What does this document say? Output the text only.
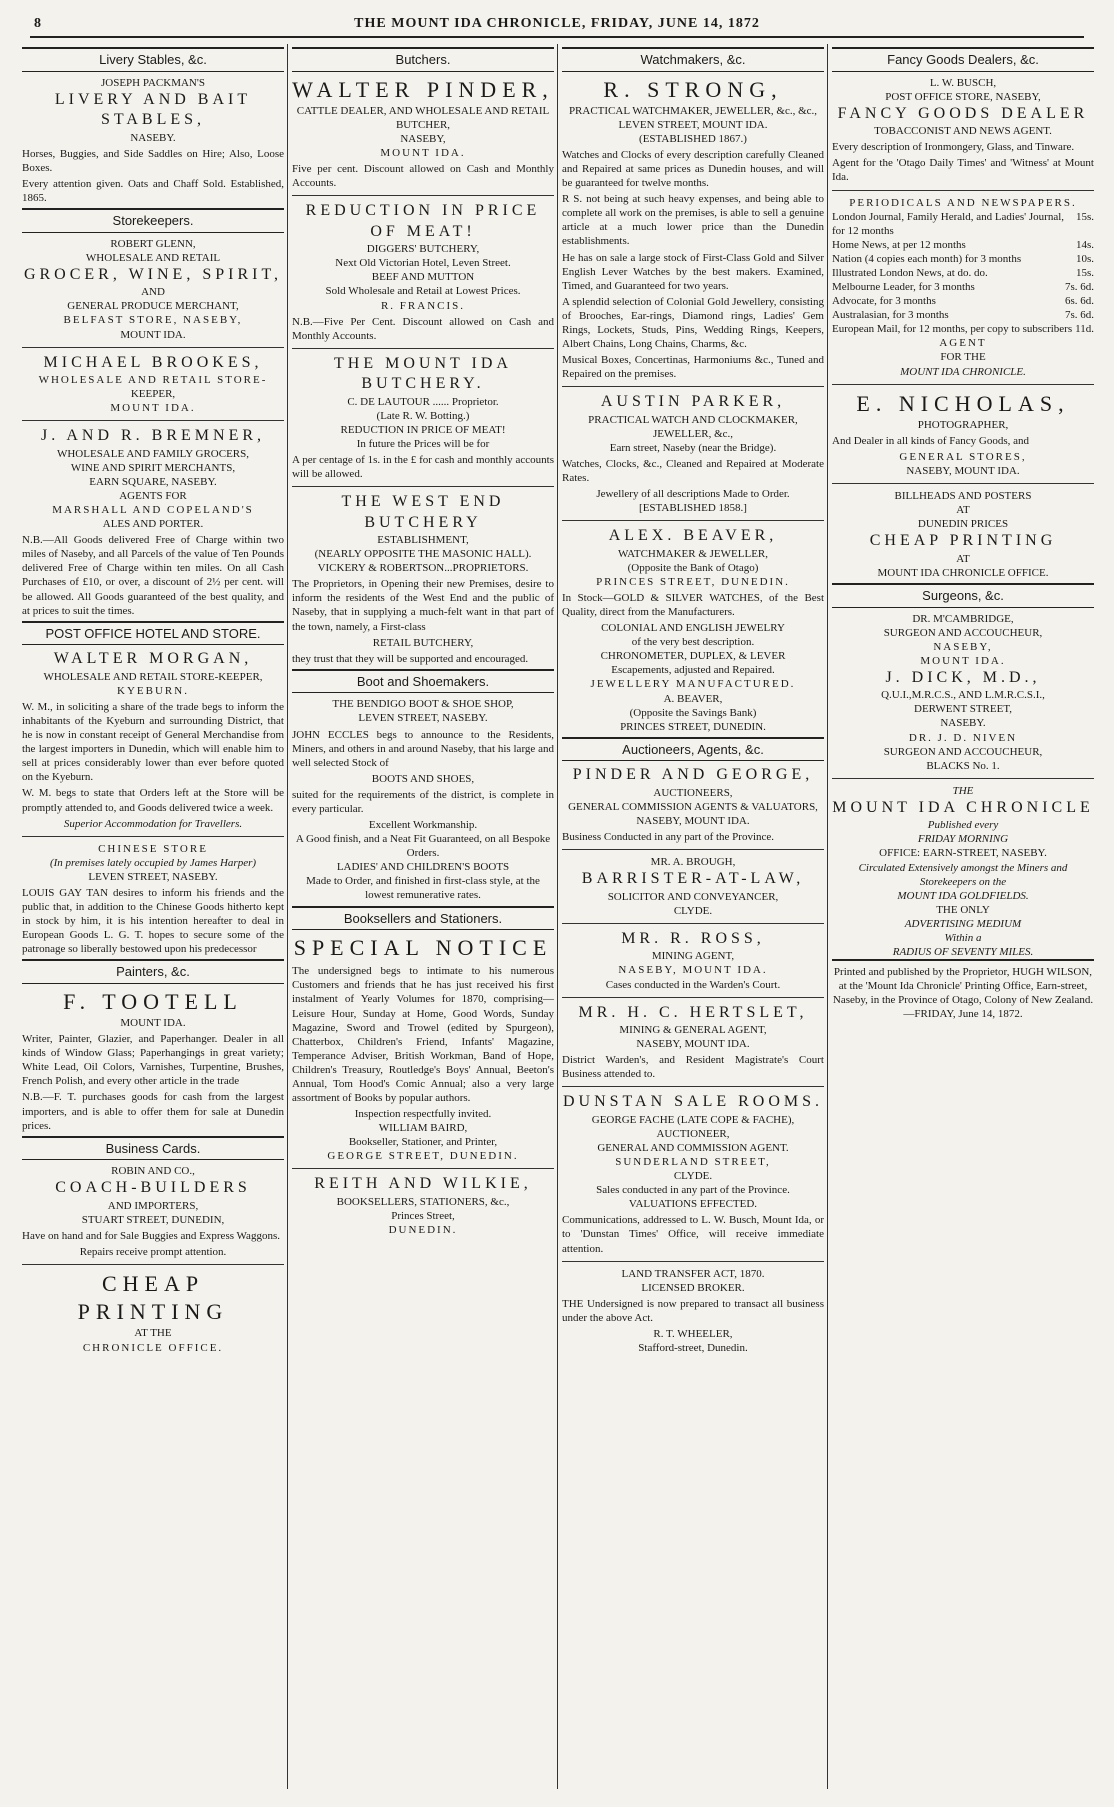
8	THE MOUNT IDA CHRONICLE, FRIDAY, JUNE 14, 1872
Livery Stables, &c.
JOSEPH PACKMAN'S
LIVERY AND BAIT STABLES,
NASEBY.

Horses, Buggies, and Side Saddles on Hire; Also, Loose Boxes.

Every attention given. Oats and Chaff Sold. Established, 1865.

Storekeepers.
ROBERT GLENN,
WHOLESALE AND RETAIL
GROCER, WINE, SPIRIT,
AND
GENERAL PRODUCE MERCHANT,
BELFAST STORE, NASEBY,
MOUNT IDA.
MICHAEL BROOKES,
WHOLESALE AND RETAIL STORE-
KEEPER,
MOUNT IDA.
J. AND R. BREMNER,
WHOLESALE AND FAMILY GROCERS,
WINE AND SPIRIT MERCHANTS,
EARN SQUARE, NASEBY.
AGENTS FOR
MARSHALL AND COPELAND'S
ALES AND PORTER.

N.B.—All Goods delivered Free of Charge within two miles of Naseby, and all Parcels of the value of Ten Pounds delivered Free of Charge within ten miles. On all Cash Purchases of £10, or over, a discount of 2½ per cent. will be allowed. All Goods guaranteed of the best quality, and at prices to suit the times.

POST OFFICE HOTEL AND STORE.
WALTER MORGAN,
WHOLESALE AND RETAIL STORE-KEEPER,
KYEBURN.

W. M., in soliciting a share of the trade begs to inform the inhabitants of the Kyeburn and surrounding District, that he is now in constant receipt of General Merchandise from the largest importers in Dunedin, which will enable him to sell at prices considerably lower than ever before quoted on the Kyeburn.

W. M. begs to state that Orders left at the Store will be promptly attended to, and Goods delivered twice a week.

Superior Accommodation for Travellers.
CHINESE STORE
(In premises lately occupied by James Harper)
LEVEN STREET, NASEBY.

LOUIS GAY TAN desires to inform his friends and the public that, in addition to the Chinese Goods hitherto kept in stock by him, it is his intention hereafter to deal in European Goods L. G. T. hopes to secure some of the patronage so liberally bestowed upon his predecessor

Painters, &c.
F. TOOTELL
MOUNT IDA.

Writer, Painter, Glazier, and Paperhanger. Dealer in all kinds of Window Glass; Paperhangings in great variety; White Lead, Oil Colors, Varnishes, Turpentine, Brushes, French Polish, and every other article in the trade

N.B.—F. T. purchases goods for cash from the largest importers, and is able to offer them for sale at Dunedin prices.

Business Cards.
ROBIN AND CO.,
COACH-BUILDERS
AND IMPORTERS,
STUART STREET, DUNEDIN,

Have on hand and for Sale Buggies and Express Waggons.

Repairs receive prompt attention.
CHEAP PRINTING
AT THE
CHRONICLE OFFICE.
Butchers.
WALTER PINDER,
CATTLE DEALER, AND WHOLESALE AND RETAIL BUTCHER,
NASEBY,
MOUNT IDA.

Five per cent. Discount allowed on Cash and Monthly Accounts.

REDUCTION IN PRICE OF MEAT!
DIGGERS' BUTCHERY,
Next Old Victorian Hotel, Leven Street.
BEEF AND MUTTON
Sold Wholesale and Retail at Lowest Prices.
R. FRANCIS.

N.B.—Five Per Cent. Discount allowed on Cash and Monthly Accounts.

THE MOUNT IDA BUTCHERY.
C. DE LAUTOUR ...... Proprietor.
(Late R. W. Botting.)
REDUCTION IN PRICE OF MEAT!
In future the Prices will be for

A per centage of 1s. in the £ for cash and monthly accounts will be allowed.

THE WEST END BUTCHERY
ESTABLISHMENT,
(NEARLY OPPOSITE THE MASONIC HALL).
VICKERY & ROBERTSON...PROPRIETORS.

The Proprietors, in Opening their new Premises, desire to inform the residents of the West End and the public of Naseby, that in supplying a much-felt want in that part of the town, namely, a First-class

RETAIL BUTCHERY,

they trust that they will be supported and encouraged.

Boot and Shoemakers.
THE BENDIGO BOOT & SHOE SHOP,
LEVEN STREET, NASEBY.

JOHN ECCLES begs to announce to the Residents, Miners, and others in and around Naseby, that his large and well selected Stock of

BOOTS AND SHOES,

suited for the requirements of the district, is complete in every particular.

Excellent Workmanship.
A Good finish, and a Neat Fit Guaranteed, on all Bespoke Orders.
LADIES' AND CHILDREN'S BOOTS
Made to Order, and finished in first-class style, at the lowest remunerative rates.
Booksellers and Stationers.
SPECIAL NOTICE

The undersigned begs to intimate to his numerous Customers and friends that he has just received his first instalment of Yearly Volumes for 1870, comprising—Leisure Hour, Sunday at Home, Good Words, Sunday Magazine, Sword and Trowel (edited by Spurgeon), Chatterbox, Children's Friend, Infants' Magazine, Temperance Adviser, British Workman, Band of Hope, Children's Treasury, Routledge's Boys' Annual, Beeton's Annual, Tom Hood's Comic Annual; also a very large assortment of Books by popular authors.

Inspection respectfully invited.
WILLIAM BAIRD,
Bookseller, Stationer, and Printer,
GEORGE STREET, DUNEDIN.
REITH AND WILKIE,
BOOKSELLERS, STATIONERS, &c.,
Princes Street,
DUNEDIN.
Watchmakers, &c.
R. STRONG,
PRACTICAL WATCHMAKER, JEWELLER, &c., &c.,
LEVEN STREET, MOUNT IDA.
(ESTABLISHED 1867.)

Watches and Clocks of every description carefully Cleaned and Repaired at same prices as Dunedin houses, and will be guaranteed for twelve months.

R S. not being at such heavy expenses, and being able to complete all work on the premises, is able to sell a genuine article at a much lower price than the Dunedin establishments.

He has on sale a large stock of First-Class Gold and Silver English Lever Watches by the best makers. Examined, Timed, and Guaranteed for two years.

A splendid selection of Colonial Gold Jewellery, consisting of Brooches, Ear-rings, Diamond rings, Ladies' Gem Rings, Lockets, Studs, Pins, Wedding Rings, Keepers, Albert Chains, Long Chains, Charms, &c.

Musical Boxes, Concertinas, Harmoniums &c., Tuned and Repaired on the premises.

AUSTIN PARKER,
PRACTICAL WATCH AND CLOCKMAKER, JEWELLER, &c.,
Earn street, Naseby (near the Bridge).

Watches, Clocks, &c., Cleaned and Repaired at Moderate Rates.

Jewellery of all descriptions Made to Order.
[ESTABLISHED 1858.]
ALEX. BEAVER,
WATCHMAKER & JEWELLER,
(Opposite the Bank of Otago)
PRINCES STREET, DUNEDIN.

In Stock—GOLD & SILVER WATCHES, of the Best Quality, direct from the Manufacturers.

COLONIAL AND ENGLISH JEWELRY
of the very best description.
CHRONOMETER, DUPLEX, & LEVER
Escapements, adjusted and Repaired.
JEWELLERY MANUFACTURED.
A. BEAVER,
(Opposite the Savings Bank)
PRINCES STREET, DUNEDIN.
Auctioneers, Agents, &c.
PINDER AND GEORGE,
AUCTIONEERS,
GENERAL COMMISSION AGENTS & VALUATORS,
NASEBY, MOUNT IDA.

Business Conducted in any part of the Province.

MR. A. BROUGH,
BARRISTER-AT-LAW,
SOLICITOR AND CONVEYANCER,
CLYDE.
MR. R. ROSS,
MINING AGENT,
NASEBY, MOUNT IDA.
Cases conducted in the Warden's Court.
MR. H. C. HERTSLET,
MINING & GENERAL AGENT,
NASEBY, MOUNT IDA.

District Warden's, and Resident Magistrate's Court Business attended to.

DUNSTAN SALE ROOMS.
GEORGE FACHE (LATE COPE & FACHE),
AUCTIONEER,
GENERAL AND COMMISSION AGENT.
SUNDERLAND STREET,
CLYDE.
Sales conducted in any part of the Province.
VALUATIONS EFFECTED.

Communications, addressed to L. W. Busch, Mount Ida, or to 'Dunstan Times' Office, will receive immediate attention.

LAND TRANSFER ACT, 1870.
LICENSED BROKER.

THE Undersigned is now prepared to transact all business under the above Act.

R. T. WHEELER,
Stafford-street, Dunedin.
Fancy Goods Dealers, &c.
L. W. BUSCH,
POST OFFICE STORE, NASEBY,
FANCY GOODS DEALER
TOBACCONIST AND NEWS AGENT.

Every description of Ironmongery, Glass, and Tinware.

Agent for the 'Otago Daily Times' and 'Witness' at Mount Ida.

PERIODICALS AND NEWSPAPERS.
London Journal, Family Herald, and Ladies' Journal, for 12 months
15s.
Home News, at per 12 months	14s.
Nation (4 copies each month) for 3 months	10s.
Illustrated London News, at do. do.	15s.
Melbourne Leader, for 3 months	7s. 6d.
Advocate, for 3 months	6s. 6d.
Australasian, for 3 months	7s. 6d.
European Mail, for 12 months, per copy to subscribers 11d.
AGENT
FOR THE
MOUNT IDA CHRONICLE.
E. NICHOLAS,
PHOTOGRAPHER,

And Dealer in all kinds of Fancy Goods, and

GENERAL STORES,
NASEBY, MOUNT IDA.
BILLHEADS AND POSTERS
AT
DUNEDIN PRICES
CHEAP PRINTING
AT
MOUNT IDA CHRONICLE OFFICE.
Surgeons, &c.
DR. M'CAMBRIDGE,
SURGEON AND ACCOUCHEUR,
NASEBY,
MOUNT IDA.
J. DICK, M.D.,
Q.U.I.,M.R.C.S., AND L.M.R.C.S.I.,
DERWENT STREET,
NASEBY.
DR. J. D. NIVEN
SURGEON AND ACCOUCHEUR,
BLACKS No. 1.
THE
MOUNT IDA CHRONICLE
Published every
FRIDAY MORNING
OFFICE: EARN-STREET, NASEBY.
Circulated Extensively amongst the Miners and Storekeepers on the
MOUNT IDA GOLDFIELDS.
THE ONLY
ADVERTISING MEDIUM
Within a
RADIUS OF SEVENTY MILES.
Printed and published by the Proprietor, HUGH WILSON, at the 'Mount Ida Chronicle' Printing Office, Earn-street, Naseby, in the Province of Otago, Colony of New Zealand. —FRIDAY, June 14, 1872.
